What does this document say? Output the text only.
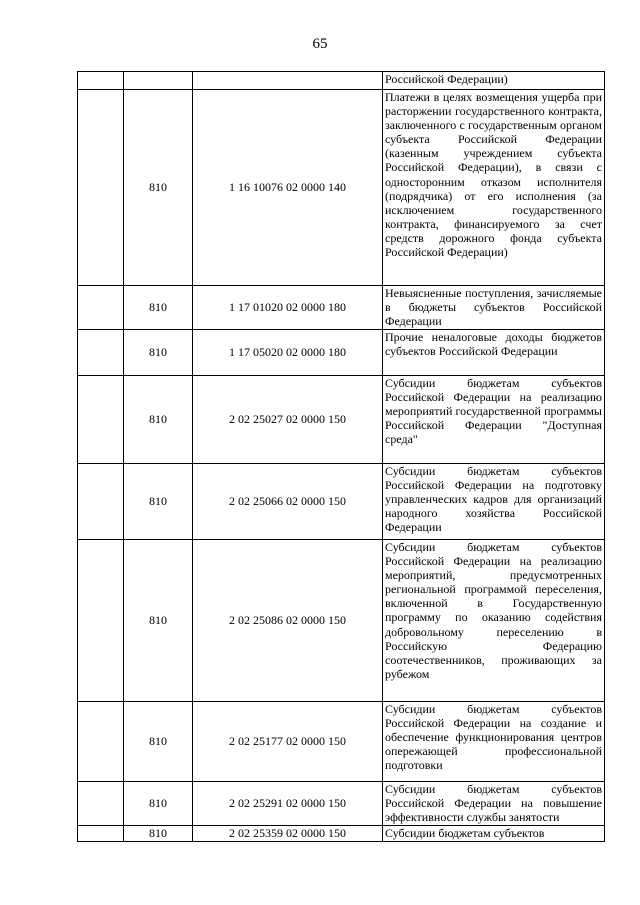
65
			Российской Федерации)
	810	1 16 10076 02 0000 140	Платежи в целях возмещения ущерба при расторжении государственного контракта, заключенного с государственным органом субъекта Российской Федерации (казенным учреждением субъекта Российской Федерации), в связи с односторонним отказом исполнителя (подрядчика) от его исполнения (за исключением государственного контракта, финансируемого за счет средств дорожного фонда субъекта Российской Федерации)
	810	1 17 01020 02 0000 180	Невыясненные поступления, зачисляемые в бюджеты субъектов Российской Федерации
	810	1 17 05020 02 0000 180	Прочие неналоговые доходы бюджетов субъектов Российской Федерации
	810	2 02 25027 02 0000 150	Субсидии бюджетам субъектов Российской Федерации на реализацию мероприятий государственной программы Российской Федерации "Доступная среда"
	810	2 02 25066 02 0000 150	Субсидии бюджетам субъектов Российской Федерации на подготовку управленческих кадров для организаций народного хозяйства Российской Федерации
	810	2 02 25086 02 0000 150	Субсидии бюджетам субъектов Российской Федерации на реализацию мероприятий, предусмотренных региональной программой переселения, включенной в Государственную программу по оказанию содействия добровольному переселению в Российскую Федерацию соотечественников, проживающих за рубежом
	810	2 02 25177 02 0000 150	Субсидии бюджетам субъектов Российской Федерации на создание и обеспечение функционирования центров опережающей профессиональной подготовки
	810	2 02 25291 02 0000 150	Субсидии бюджетам субъектов Российской Федерации на повышение эффективности службы занятости
	810	2 02 25359 02 0000 150	Субсидии бюджетам субъектов
